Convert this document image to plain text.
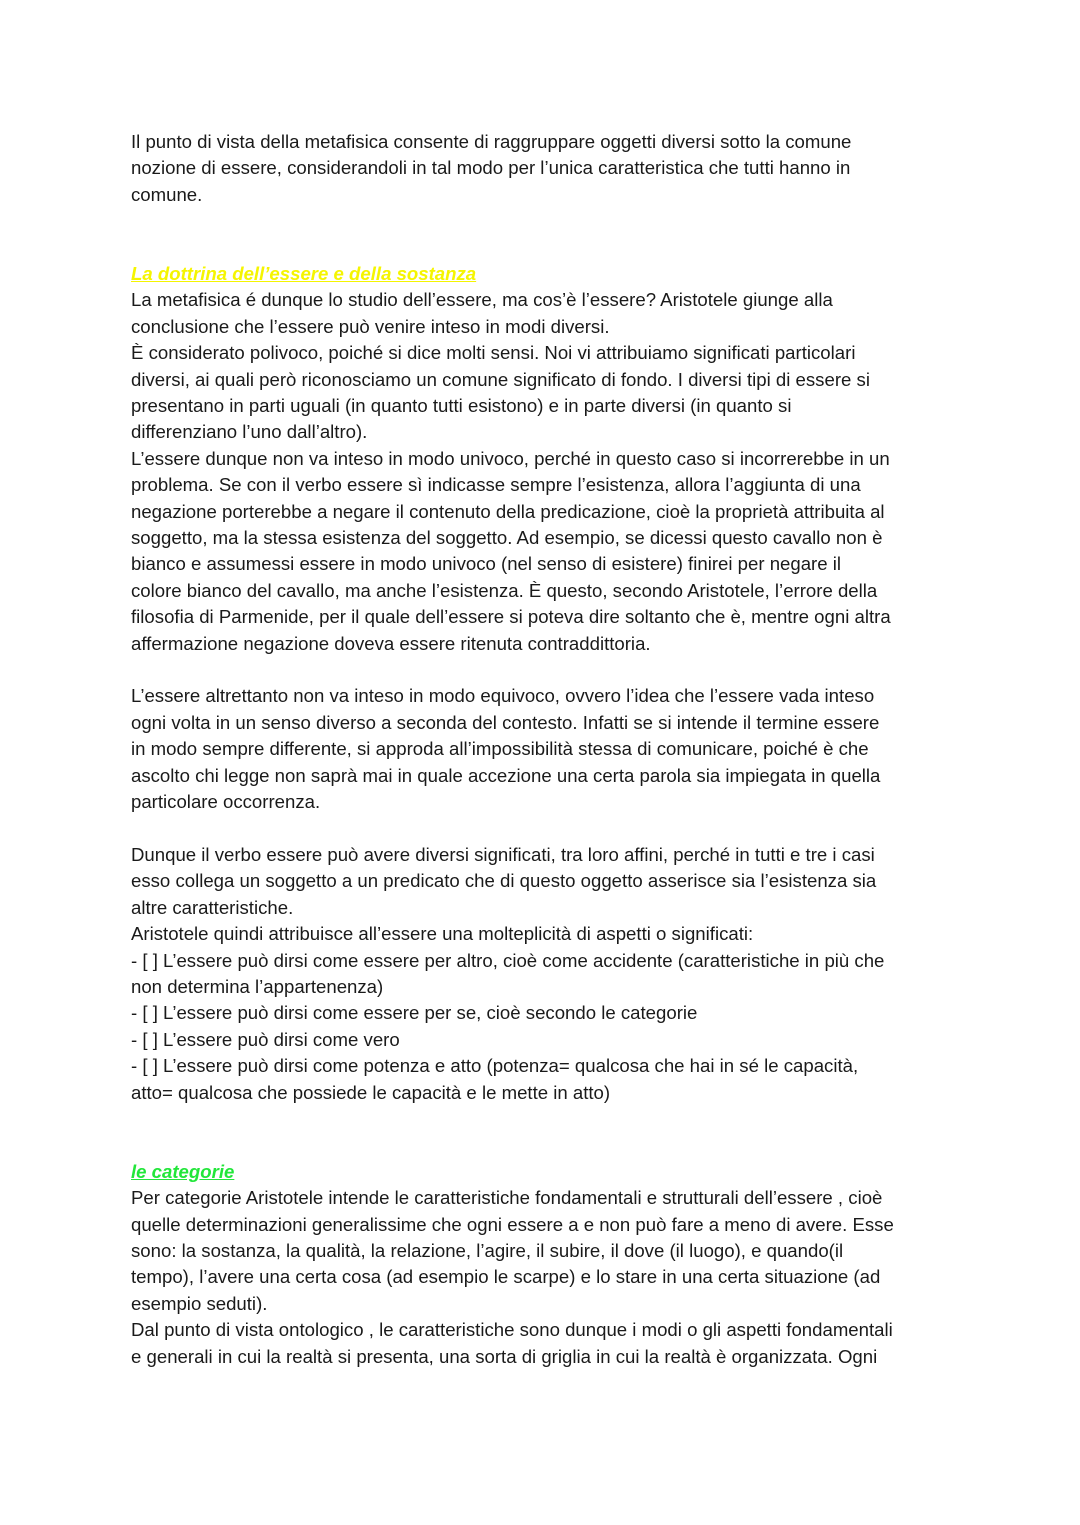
Il punto di vista della metafisica consente di raggruppare oggetti diversi sotto la comune
nozione di essere, considerandoli in tal modo per l’unica caratteristica che tutti hanno in
comune.
La dottrina dell’essere e della sostanza
La metafisica é dunque lo studio dell’essere, ma cos’è l’essere? Aristotele giunge alla
conclusione che l’essere può venire inteso in modi diversi.
È considerato polivoco, poiché si dice molti sensi. Noi vi attribuiamo significati particolari
diversi, ai quali però riconosciamo un comune significato di fondo. I diversi tipi di essere si
presentano in parti uguali (in quanto tutti esistono) e in parte diversi (in quanto si
differenziano l’uno dall’altro).
L’essere dunque non va inteso in modo univoco, perché in questo caso si incorrerebbe in un
problema. Se con il verbo essere sì indicasse sempre l’esistenza, allora l’aggiunta di una
negazione porterebbe a negare il contenuto della predicazione, cioè la proprietà attribuita al
soggetto, ma la stessa esistenza del soggetto. Ad esempio, se dicessi questo cavallo non è
bianco e assumessi essere in modo univoco (nel senso di esistere) finirei per negare il
colore bianco del cavallo, ma anche l’esistenza. È questo, secondo Aristotele, l’errore della
filosofia di Parmenide, per il quale dell’essere si poteva dire soltanto che è, mentre ogni altra
affermazione negazione doveva essere ritenuta contraddittoria.
L’essere altrettanto non va inteso in modo equivoco, ovvero l’idea che l’essere vada inteso
ogni volta in un senso diverso a seconda del contesto. Infatti se si intende il termine essere
in modo sempre differente, si approda all’impossibilità stessa di comunicare, poiché è che
ascolto chi legge non saprà mai in quale accezione una certa parola sia impiegata in quella
particolare occorrenza.
Dunque il verbo essere può avere diversi significati, tra loro affini, perché in tutti e tre i casi
esso collega un soggetto a un predicato che di questo oggetto asserisce sia l’esistenza sia
altre caratteristiche.
Aristotele quindi attribuisce all’essere una molteplicità di aspetti o significati:
- [ ] L’essere può dirsi come essere per altro, cioè come accidente (caratteristiche in più che
non determina l’appartenenza)
- [ ] L’essere può dirsi come essere per se, cioè secondo le categorie
- [ ] L’essere può dirsi come vero
- [ ] L’essere può dirsi come potenza e atto (potenza= qualcosa che hai in sé le capacità,
atto= qualcosa che possiede le capacità e le mette in atto)
le categorie
Per categorie Aristotele intende le caratteristiche fondamentali e strutturali dell’essere , cioè
quelle determinazioni generalissime che ogni essere a e non può fare a meno di avere. Esse
sono: la sostanza, la qualità, la relazione, l’agire, il subire, il dove (il luogo), e quando(il
tempo), l’avere una certa cosa (ad esempio le scarpe) e lo stare in una certa situazione (ad
esempio seduti).
Dal punto di vista ontologico , le caratteristiche sono dunque i modi o gli aspetti fondamentali
e generali in cui la realtà si presenta, una sorta di griglia in cui la realtà è organizzata. Ogni
